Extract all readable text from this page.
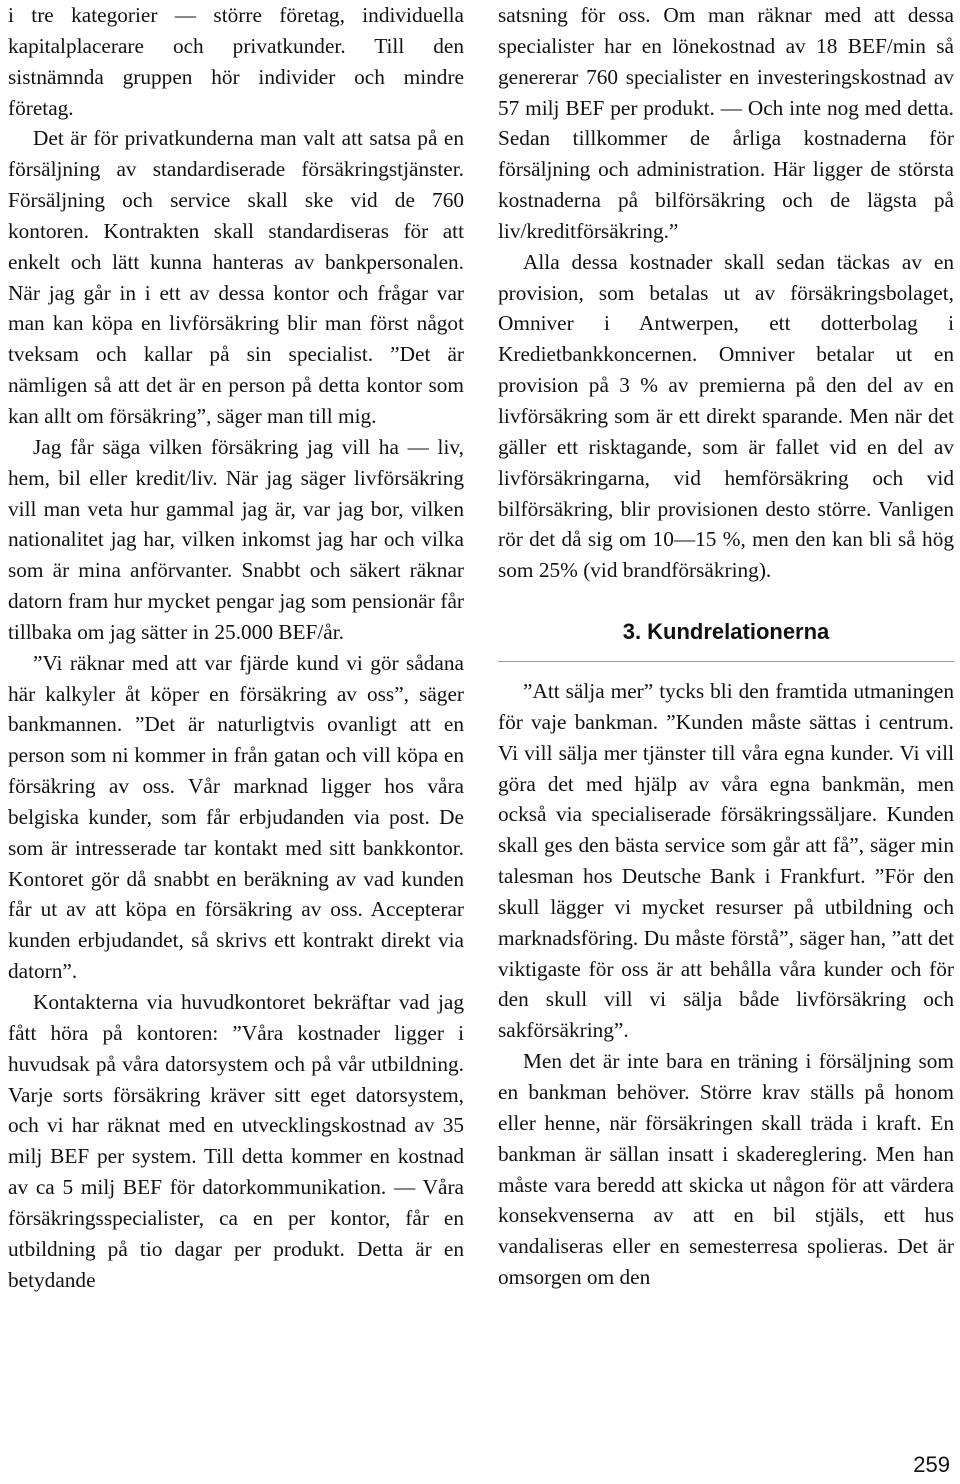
i tre kategorier — större företag, individuella kapitalplacerare och privatkunder. Till den sistnämnda gruppen hör individer och mindre företag.

Det är för privatkunderna man valt att satsa på en försäljning av standardiserade försäkringstjänster. Försäljning och service skall ske vid de 760 kontoren. Kontrakten skall standardiseras för att enkelt och lätt kunna hanteras av bankpersonalen. När jag går in i ett av dessa kontor och frågar var man kan köpa en livförsäkring blir man först något tveksam och kallar på sin specialist. ”Det är nämligen så att det är en person på detta kontor som kan allt om försäkring”, säger man till mig.

Jag får säga vilken försäkring jag vill ha — liv, hem, bil eller kredit/liv. När jag säger livförsäkring vill man veta hur gammal jag är, var jag bor, vilken nationalitet jag har, vilken inkomst jag har och vilka som är mina anförvanter. Snabbt och säkert räknar datorn fram hur mycket pengar jag som pensionär får tillbaka om jag sätter in 25.000 BEF/år.

”Vi räknar med att var fjärde kund vi gör sådana här kalkyler åt köper en försäkring av oss”, säger bankmannen. ”Det är naturligtvis ovanligt att en person som ni kommer in från gatan och vill köpa en försäkring av oss. Vår marknad ligger hos våra belgiska kunder, som får erbjudanden via post. De som är intresserade tar kontakt med sitt bankkontor. Kontoret gör då snabbt en beräkning av vad kunden får ut av att köpa en försäkring av oss. Accepterar kunden erbjudandet, så skrivs ett kontrakt direkt via datorn”.

Kontakterna via huvudkontoret bekräftar vad jag fått höra på kontoren: ”Våra kostnader ligger i huvudsak på våra datorsystem och på vår utbildning. Varje sorts försäkring kräver sitt eget datorsystem, och vi har räknat med en utvecklingskostnad av 35 milj BEF per system. Till detta kommer en kostnad av ca 5 milj BEF för datorkommunikation. — Våra försäkringsspecialister, ca en per kontor, får en utbildning på tio dagar per produkt. Detta är en betydande

satsning för oss. Om man räknar med att dessa specialister har en lönekostnad av 18 BEF/min så genererar 760 specialister en investeringskostnad av 57 milj BEF per produkt. — Och inte nog med detta. Sedan tillkommer de årliga kostnaderna för försäljning och administration. Här ligger de största kostnaderna på bilförsäkring och de lägsta på liv/kreditförsäkring.”

Alla dessa kostnader skall sedan täckas av en provision, som betalas ut av försäkringsbolaget, Omniver i Antwerpen, ett dotterbolag i Kredietbankkoncernen. Omniver betalar ut en provision på 3 % av premierna på den del av en livförsäkring som är ett direkt sparande. Men när det gäller ett risktagande, som är fallet vid en del av livförsäkringarna, vid hemförsäkring och vid bilförsäkring, blir provisionen desto större. Vanligen rör det då sig om 10—15 %, men den kan bli så hög som 25% (vid brandförsäkring).

3. Kundrelationerna

”Att sälja mer” tycks bli den framtida utmaningen för vaje bankman. ”Kunden måste sättas i centrum. Vi vill sälja mer tjänster till våra egna kunder. Vi vill göra det med hjälp av våra egna bankmän, men också via specialiserade försäkringssäljare. Kunden skall ges den bästa service som går att få”, säger min talesman hos Deutsche Bank i Frankfurt. ”För den skull lägger vi mycket resurser på utbildning och marknadsföring. Du måste förstå”, säger han, ”att det viktigaste för oss är att behålla våra kunder och för den skull vill vi sälja både livförsäkring och sakförsäkring”.

Men det är inte bara en träning i försäljning som en bankman behöver. Större krav ställs på honom eller henne, när försäkringen skall träda i kraft. En bankman är sällan insatt i skadereglering. Men han måste vara beredd att skicka ut någon för att värdera konsekvenserna av att en bil stjäls, ett hus vandaliseras eller en semesterresa spolieras. Det är omsorgen om den

259
